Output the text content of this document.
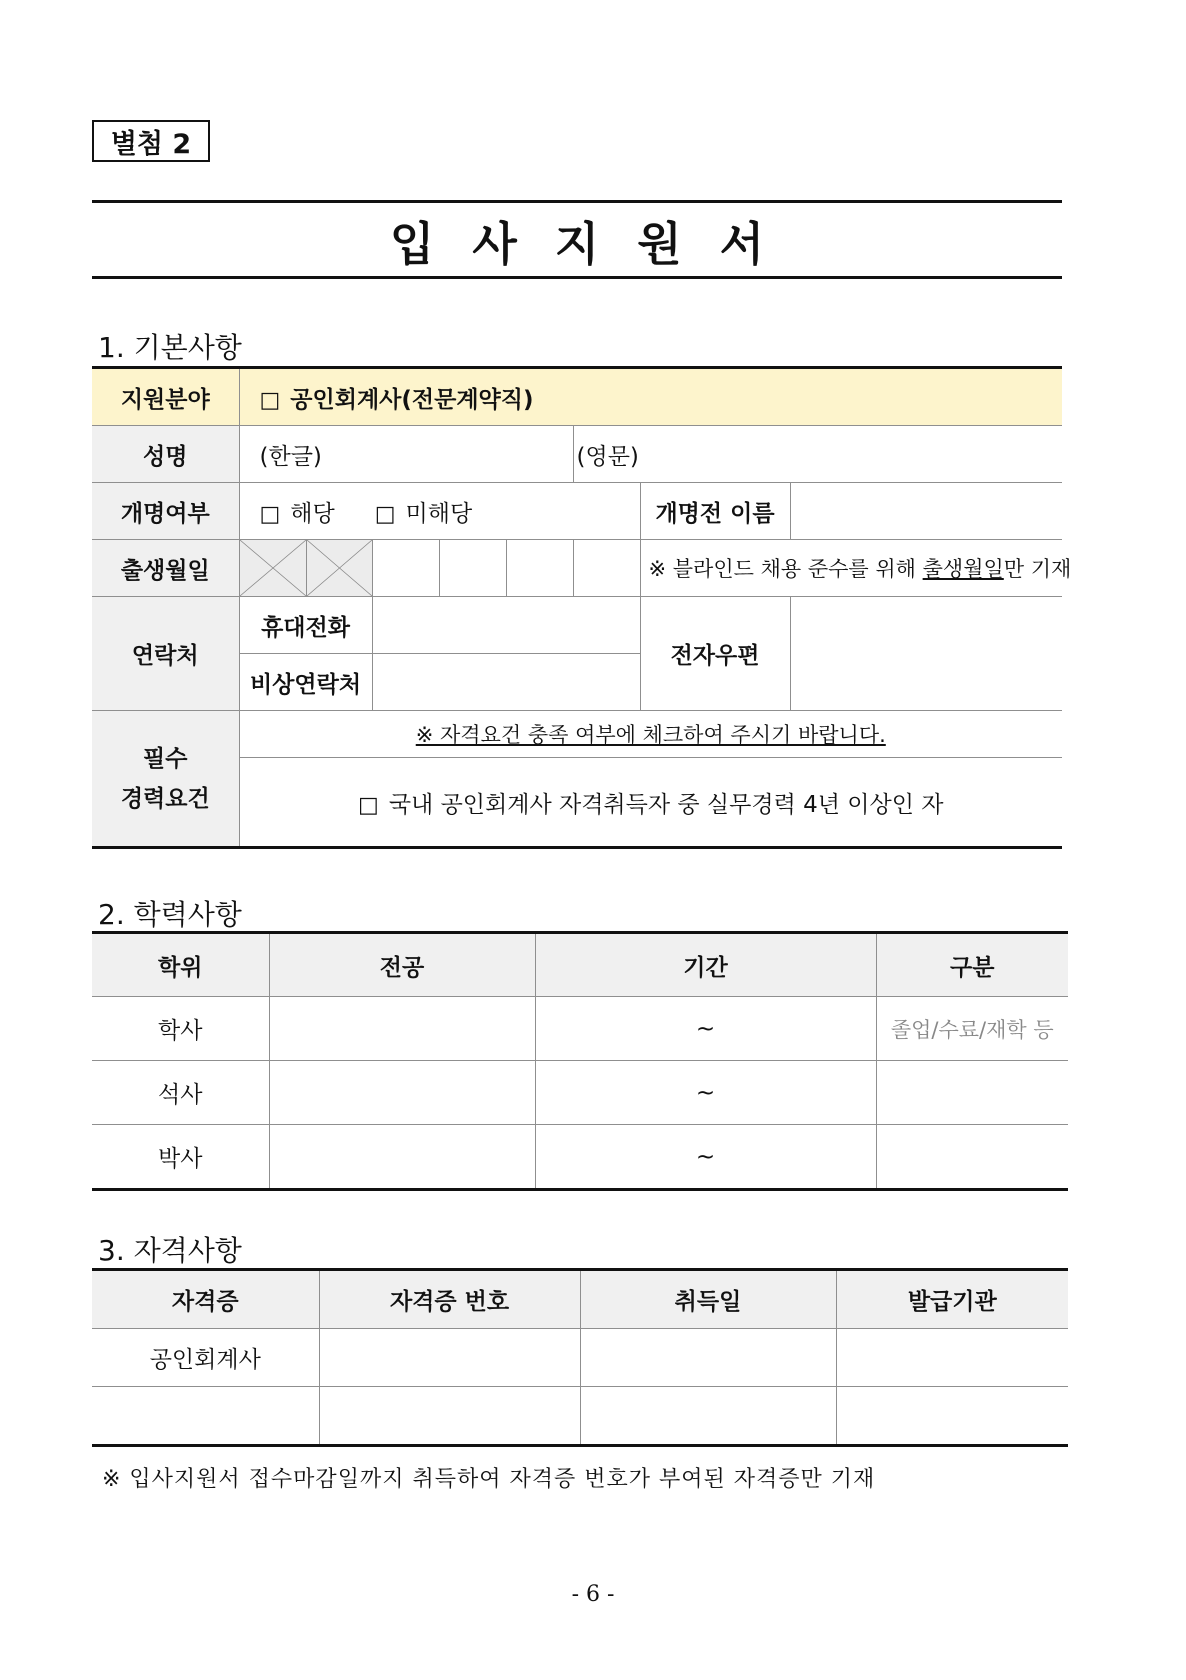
별첨 2
입사지원서
1. 기본사항
지원분야	□ 공인회계사(전문계약직)							
성명	(한글)					(영문)		
개명여부	□ 해당 □ 미해당						개명전 이름	
출생월일							※ 블라인드 채용 준수를 위해 출생월일만 기재	
연락처	휴대전화						전자우편	
	비상연락처							

필수
경력요건	※ 자격요건 충족 여부에 체크하여 주시기 바랍니다.							
	□ 국내 공인회계사 자격취득자 중 실무경력 4년 이상인 자							
2. 학력사항
학위	전공	기간	구분
학사		~	졸업/수료/재학 등
석사		~	
박사		~	
3. 자격사항
자격증	자격증 번호	취득일	발급기관
공인회계사			

※ 입사지원서 접수마감일까지 취득하여 자격증 번호가 부여된 자격증만 기재
- 6 -
